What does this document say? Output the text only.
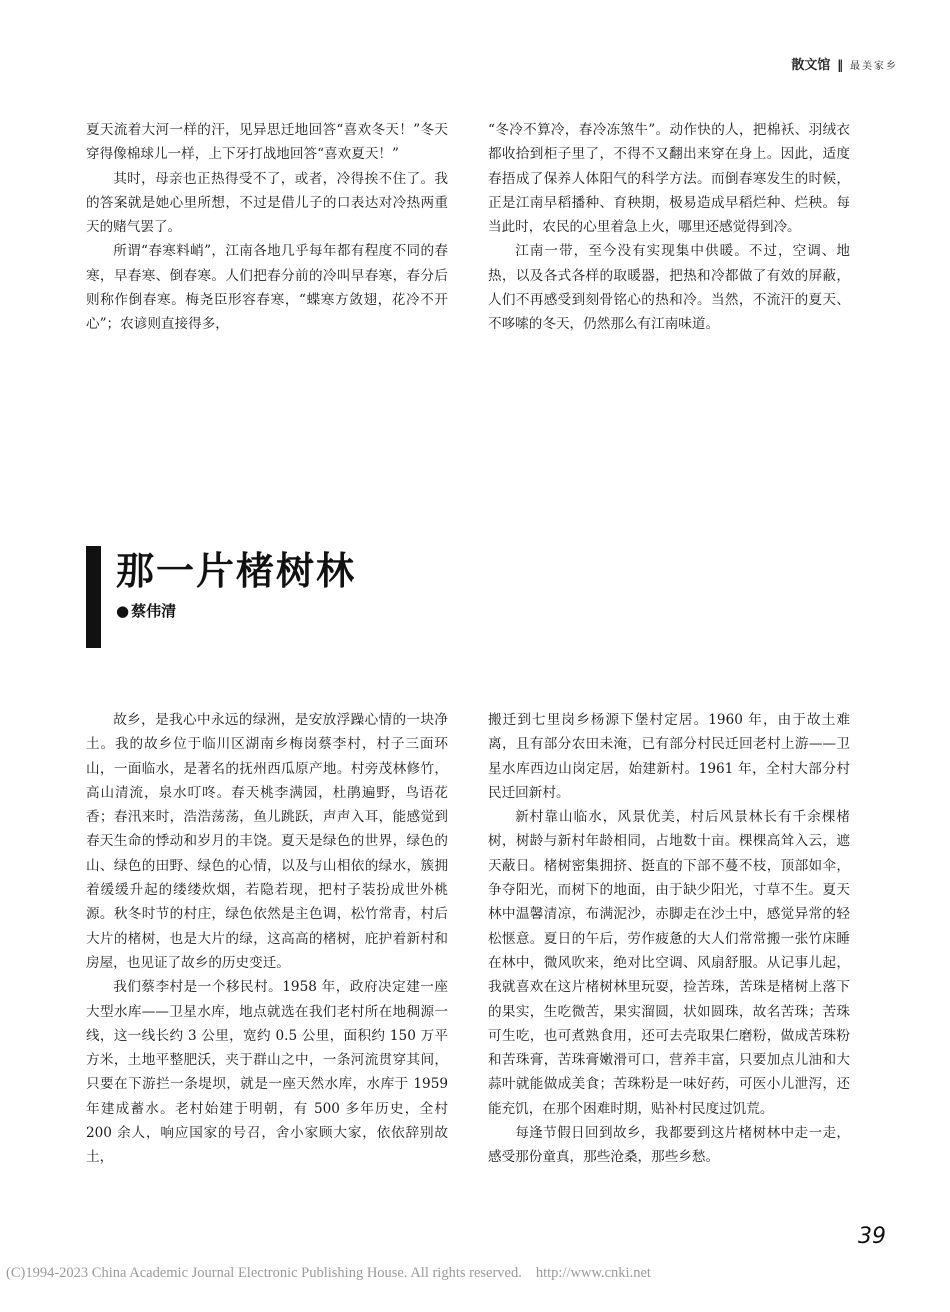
散文馆 ‖ 最美家乡

夏天流着大河一样的汗，见异思迁地回答“喜欢冬天！”冬天穿得像棉球儿一样，上下牙打战地回答“喜欢夏天！”

其时，母亲也正热得受不了，或者，冷得挨不住了。我的答案就是她心里所想，不过是借儿子的口表达对冷热两重天的赌气罢了。

所谓“春寒料峭”，江南各地几乎每年都有程度不同的春寒，早春寒、倒春寒。人们把春分前的冷叫早春寒，春分后则称作倒春寒。梅尧臣形容春寒，“蝶寒方敛翅，花冷不开心”；农谚则直接得多，

“冬冷不算冷，春冷冻煞牛”。动作快的人，把棉袄、羽绒衣都收拾到柜子里了，不得不又翻出来穿在身上。因此，适度春捂成了保养人体阳气的科学方法。而倒春寒发生的时候，正是江南早稻播种、育秧期，极易造成早稻烂种、烂秧。每当此时，农民的心里着急上火，哪里还感觉得到冷。

江南一带，至今没有实现集中供暖。不过，空调、地热，以及各式各样的取暖器，把热和冷都做了有效的屏蔽，人们不再感受到刻骨铭心的热和冷。当然，不流汗的夏天、不哆嗦的冬天，仍然那么有江南味道。

那一片楮树林
● 蔡伟清

故乡，是我心中永远的绿洲，是安放浮躁心情的一块净土。我的故乡位于临川区湖南乡梅岗蔡李村，村子三面环山，一面临水，是著名的抚州西瓜原产地。村旁茂林修竹，高山清流，泉水叮咚。春天桃李满园，杜鹃遍野，鸟语花香；春汛来时，浩浩荡荡，鱼儿跳跃，声声入耳，能感觉到春天生命的悸动和岁月的丰饶。夏天是绿色的世界，绿色的山、绿色的田野、绿色的心情，以及与山相依的绿水，簇拥着缓缓升起的缕缕炊烟，若隐若现，把村子装扮成世外桃源。秋冬时节的村庄，绿色依然是主色调，松竹常青，村后大片的楮树，也是大片的绿，这高高的楮树，庇护着新村和房屋，也见证了故乡的历史变迁。

我们蔡李村是一个移民村。1958 年，政府决定建一座大型水库——卫星水库，地点就选在我们老村所在地稠源一线，这一线长约 3 公里，宽约 0.5 公里，面积约 150 万平方米，土地平整肥沃，夹于群山之中，一条河流贯穿其间，只要在下游拦一条堤坝，就是一座天然水库，水库于 1959 年建成蓄水。老村始建于明朝，有 500 多年历史，全村 200 余人，响应国家的号召，舍小家顾大家，依依辞别故土，

搬迁到七里岗乡杨源下堡村定居。1960 年，由于故土难离，且有部分农田未淹，已有部分村民迁回老村上游——卫星水库西边山岗定居，始建新村。1961 年，全村大部分村民迁回新村。

新村靠山临水，风景优美，村后风景林长有千余棵楮树，树龄与新村年龄相同，占地数十亩。棵棵高耸入云，遮天蔽日。楮树密集拥挤、挺直的下部不蔓不枝，顶部如伞，争夺阳光，而树下的地面，由于缺少阳光，寸草不生。夏天林中温馨清凉，布满泥沙，赤脚走在沙土中，感觉异常的轻松惬意。夏日的午后，劳作疲惫的大人们常常搬一张竹床睡在林中，微风吹来，绝对比空调、风扇舒服。从记事儿起，我就喜欢在这片楮树林里玩耍，捡苦珠，苦珠是楮树上落下的果实，生吃微苦，果实溜圆，状如圆珠，故名苦珠；苦珠可生吃，也可煮熟食用，还可去壳取果仁磨粉，做成苦珠粉和苦珠膏，苦珠膏嫩滑可口，营养丰富，只要加点儿油和大蒜叶就能做成美食；苦珠粉是一味好药，可医小儿泄泻，还能充饥，在那个困难时期，贴补村民度过饥荒。

每逢节假日回到故乡，我都要到这片楮树林中走一走，感受那份童真，那些沧桑，那些乡愁。

39
(C)1994-2023 China Academic Journal Electronic Publishing House. All rights reserved. http://www.cnki.net
